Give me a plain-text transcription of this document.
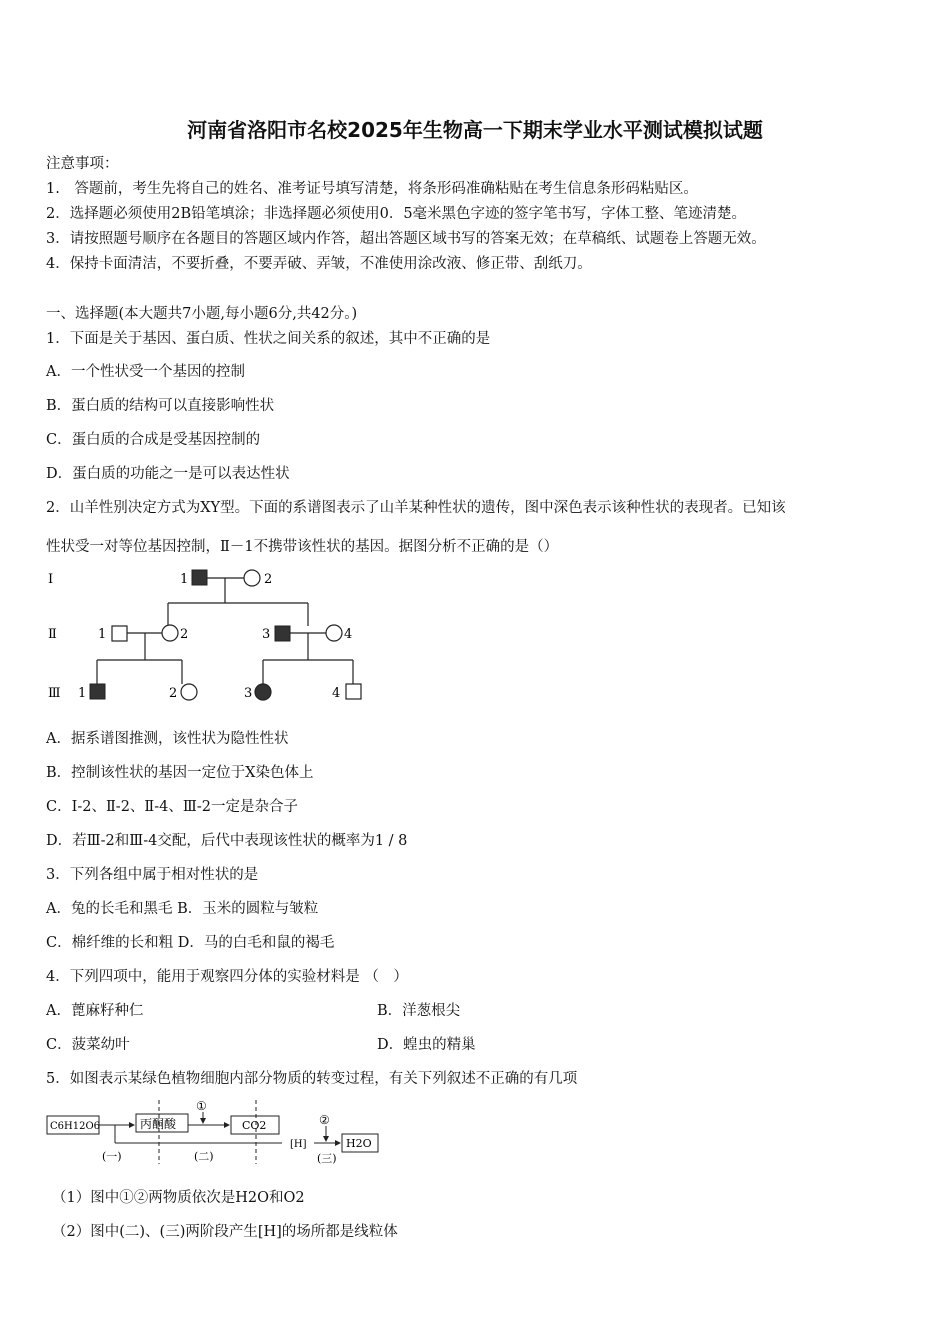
河南省洛阳市名校2025年生物高一下期末学业水平测试模拟试题
注意事项：
1.　答题前，考生先将自己的姓名、准考证号填写清楚，将条形码准确粘贴在考生信息条形码粘贴区。
2．选择题必须使用2B铅笔填涂；非选择题必须使用0．5毫米黑色字迹的签字笔书写，字体工整、笔迹清楚。
3．请按照题号顺序在各题目的答题区域内作答，超出答题区域书写的答案无效；在草稿纸、试题卷上答题无效。
4．保持卡面清洁，不要折叠，不要弄破、弄皱，不准使用涂改液、修正带、刮纸刀。
一、选择题(本大题共7小题,每小题6分,共42分。)
1．下面是关于基因、蛋白质、性状之间关系的叙述，其中不正确的是
A．一个性状受一个基因的控制
B．蛋白质的结构可以直接影响性状
C．蛋白质的合成是受基因控制的
D．蛋白质的功能之一是可以表达性状
2．山羊性别决定方式为XY型。下面的系谱图表示了山羊某种性状的遗传，图中深色表示该种性状的表现者。已知该
性状受一对等位基因控制，Ⅱ－1不携带该性状的基因。据图分析不正确的是（）
Ⅰ
Ⅱ
Ⅲ
1	2
1	2	3	4
1	2	3	4
A．据系谱图推测，该性状为隐性性状
B．控制该性状的基因一定位于X染色体上
C．Ⅰ-2、Ⅱ-2、Ⅱ-4、Ⅲ-2一定是杂合子
D．若Ⅲ-2和Ⅲ-4交配，后代中表现该性状的概率为1 / 8
3．下列各组中属于相对性状的是
A．兔的长毛和黑毛 B．玉米的圆粒与皱粒
C．棉纤维的长和粗 D．马的白毛和鼠的褐毛
4．下列四项中，能用于观察四分体的实验材料是 （　）
A．蓖麻籽种仁	B．洋葱根尖
C．菠菜幼叶	D．蝗虫的精巢
5．如图表示某绿色植物细胞内部分物质的转变过程，有关下列叙述不正确的有几项
C6H12O6	丙酮酸	CO2
[H]	H2O
①
②
(一)	(二)	(三)
（1）图中①②两物质依次是H2O和O2
（2）图中(二)、(三)两阶段产生[H]的场所都是线粒体
